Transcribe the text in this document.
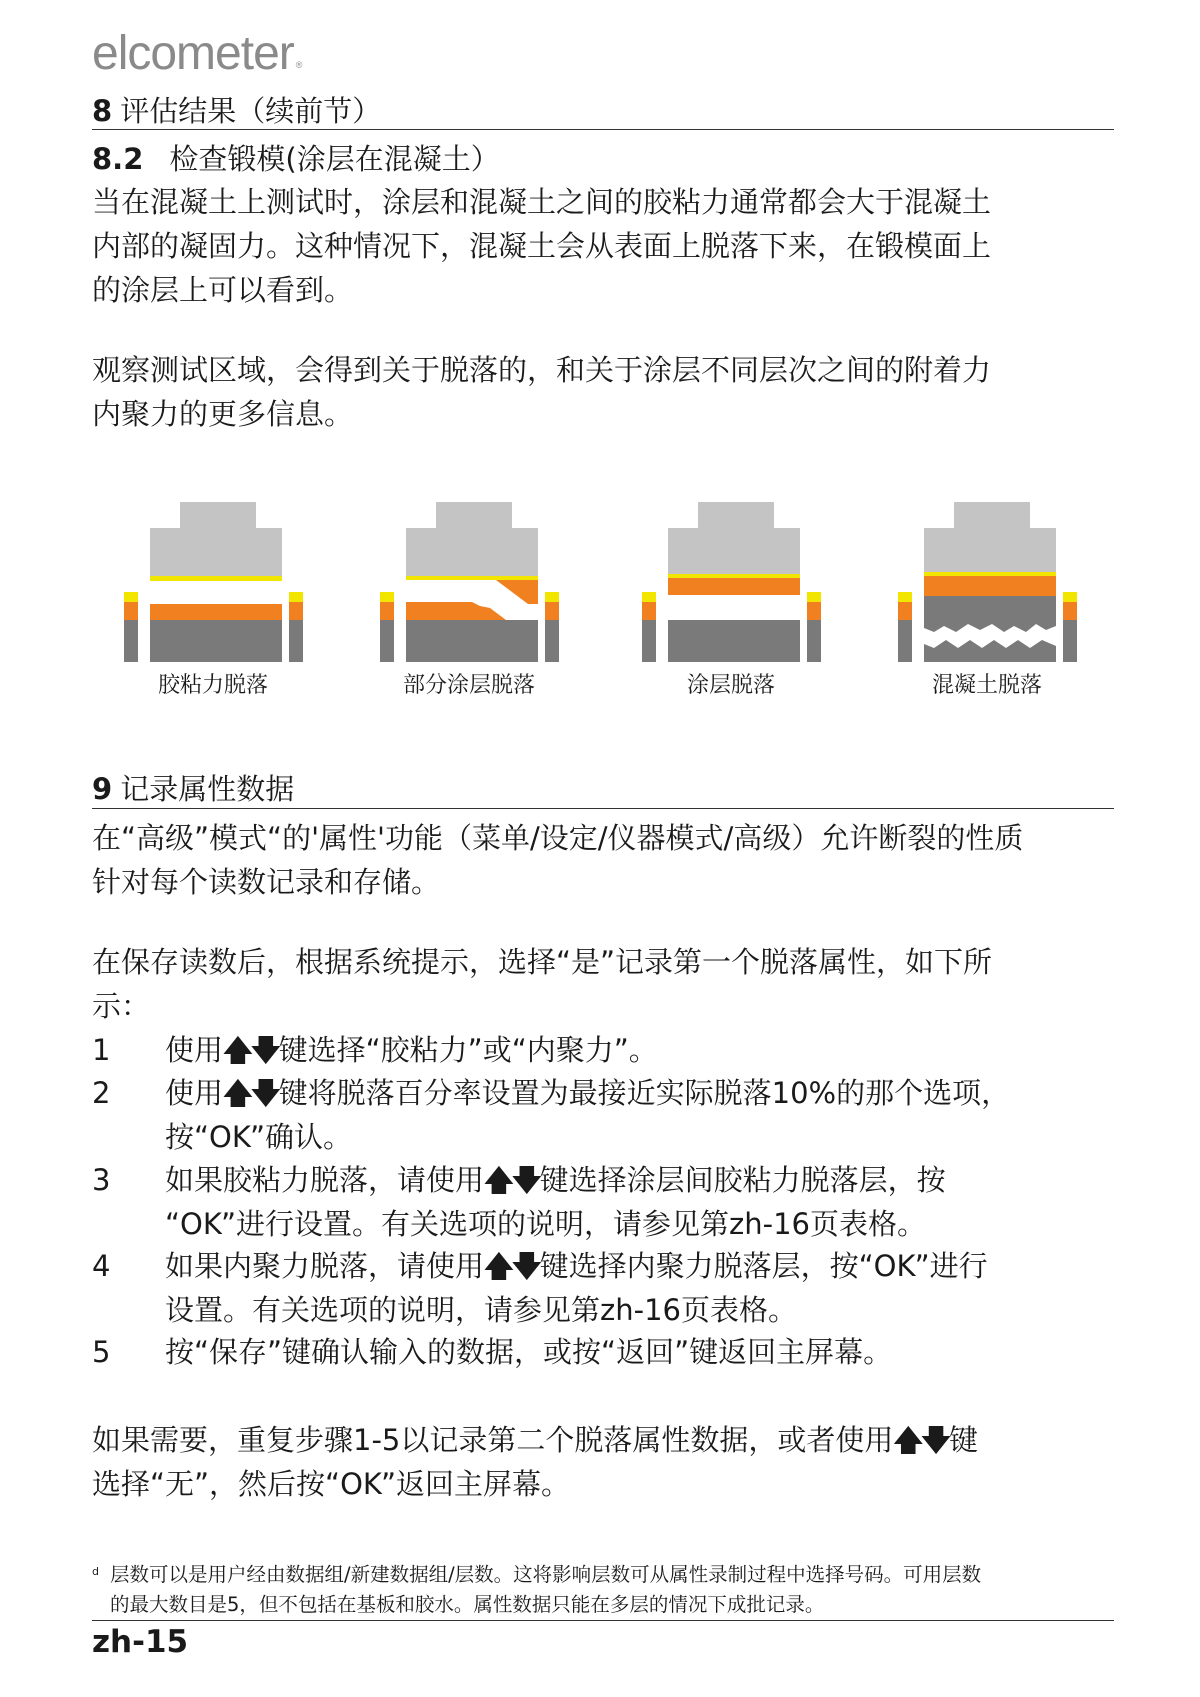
elcometer ®
8 评估结果（续前节）
8.2 检查锻模(涂层在混凝土）
当在混凝土上测试时，涂层和混凝土之间的胶粘力通常都会大于混凝土
内部的凝固力。这种情况下，混凝土会从表面上脱落下来，在锻模面上
的涂层上可以看到。
观察测试区域，会得到关于脱落的，和关于涂层不同层次之间的附着力
内聚力的更多信息。
胶粘力脱落	部分涂层脱落	涂层脱落	混凝土脱落
9 记录属性数据
在“高级”模式“的'属性'功能（菜单/设定/仪器模式/高级）允许断裂的性质
针对每个读数记录和存储。
在保存读数后，根据系统提示，选择“是”记录第一个脱落属性，如下所
示：
1	使用🡅🡇键选择“胶粘力”或“内聚力”。
2	使用🡅🡇键将脱落百分率设置为最接近实际脱落10%的那个选项，
按“OK”确认。
3	如果胶粘力脱落，请使用🡅🡇键选择涂层间胶粘力脱落层，按
“OK”进行设置。有关选项的说明，请参见第zh-16页表格。
4	如果内聚力脱落，请使用🡅🡇键选择内聚力脱落层，按“OK”进行
设置。有关选项的说明，请参见第zh-16页表格。
5	按“保存”键确认输入的数据，或按“返回”键返回主屏幕。
如果需要，重复步骤1-5以记录第二个脱落属性数据，或者使用🡅🡇键
选择“无”，然后按“OK”返回主屏幕。
d 层数可以是用户经由数据组/新建数据组/层数。这将影响层数可从属性录制过程中选择号码。可用层数
的最大数目是5，但不包括在基板和胶水。属性数据只能在多层的情况下成批记录。
zh-15
